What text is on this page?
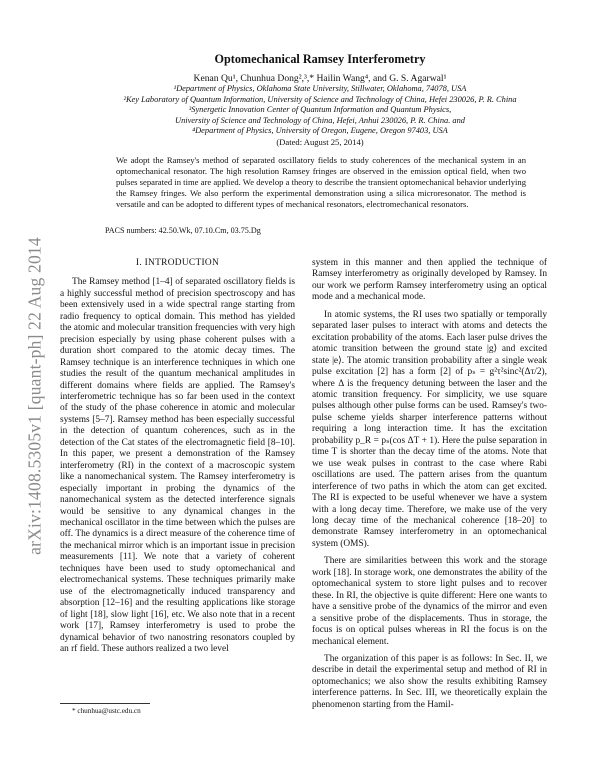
arXiv:1408.5305v1 [quant-ph] 22 Aug 2014
Optomechanical Ramsey Interferometry
Kenan Qu¹, Chunhua Dong²,³,* Hailin Wang⁴, and G. S. Agarwal¹
¹Department of Physics, Oklahoma State University, Stillwater, Oklahoma, 74078, USA
²Key Laboratory of Quantum Information, University of Science and Technology of China, Hefei 230026, P. R. China
³Synergetic Innovation Center of Quantum Information and Quantum Physics,
University of Science and Technology of China, Hefei, Anhui 230026, P. R. China. and
⁴Department of Physics, University of Oregon, Eugene, Oregon 97403, USA
(Dated: August 25, 2014)
We adopt the Ramsey's method of separated oscillatory fields to study coherences of the mechanical system in an optomechanical resonator. The high resolution Ramsey fringes are observed in the emission optical field, when two pulses separated in time are applied. We develop a theory to describe the transient optomechanical behavior underlying the Ramsey fringes. We also perform the experimental demonstration using a silica microresonator. The method is versatile and can be adopted to different types of mechanical resonators, electromechanical resonators.
PACS numbers: 42.50.Wk, 07.10.Cm, 03.75.Dg
I. INTRODUCTION

The Ramsey method [1–4] of separated oscillatory fields is a highly successful method of precision spectroscopy and has been extensively used in a wide spectral range starting from radio frequency to optical domain. This method has yielded the atomic and molecular transition frequencies with very high precision especially by using phase coherent pulses with a duration short compared to the atomic decay times. The Ramsey technique is an interference techniques in which one studies the result of the quantum mechanical amplitudes in different domains where fields are applied. The Ramsey's interferometric technique has so far been used in the context of the study of the phase coherence in atomic and molecular systems [5–7]. Ramsey method has been especially successful in the detection of quantum coherences, such as in the detection of the Cat states of the electromagnetic field [8–10]. In this paper, we present a demonstration of the Ramsey interferometry (RI) in the context of a macroscopic system like a nanomechanical system. The Ramsey interferometry is especially important in probing the dynamics of the nanomechanical system as the detected interference signals would be sensitive to any dynamical changes in the mechanical oscillator in the time between which the pulses are off. The dynamics is a direct measure of the coherence time of the mechanical mirror which is an important issue in precision measurements [11]. We note that a variety of coherent techniques have been used to study optomechanical and electromechanical systems. These techniques primarily make use of the electromagnetically induced transparency and absorption [12–16] and the resulting applications like storage of light [18], slow light [16], etc. We also note that in a recent work [17], Ramsey interferometry is used to probe the dynamical behavior of two nanostring resonators coupled by an rf field. These authors realized a two level

system in this manner and then applied the technique of Ramsey interferometry as originally developed by Ramsey. In our work we perform Ramsey interferometry using an optical mode and a mechanical mode.

In atomic systems, the RI uses two spatially or temporally separated laser pulses to interact with atoms and detects the excitation probability of the atoms. Each laser pulse drives the atomic transition between the ground state |g⟩ and excited state |e⟩. The atomic transition probability after a single weak pulse excitation [2] has a form [2] of pₛ = g²τ²sinc²(Δτ/2), where Δ is the frequency detuning between the laser and the atomic transition frequency. For simplicity, we use square pulses although other pulse forms can be used. Ramsey's two-pulse scheme yields sharper interference patterns without requiring a long interaction time. It has the excitation probability p_R = pₛ(cos ΔT + 1). Here the pulse separation in time T is shorter than the decay time of the atoms. Note that we use weak pulses in contrast to the case where Rabi oscillations are used. The pattern arises from the quantum interference of two paths in which the atom can get excited. The RI is expected to be useful whenever we have a system with a long decay time. Therefore, we make use of the very long decay time of the mechanical coherence [18–20] to demonstrate Ramsey interferometry in an optomechanical system (OMS).

There are similarities between this work and the storage work [18]. In storage work, one demonstrates the ability of the optomechanical system to store light pulses and to recover these. In RI, the objective is quite different: Here one wants to have a sensitive probe of the dynamics of the mirror and even a sensitive probe of the displacements. Thus in storage, the focus is on optical pulses whereas in RI the focus is on the mechanical element.

The organization of this paper is as follows: In Sec. II, we describe in detail the experimental setup and method of RI in optomechanics; we also show the results exhibiting Ramsey interference patterns. In Sec. III, we theoretically explain the phenomenon starting from the Hamil-

* chunhua@ustc.edu.cn
